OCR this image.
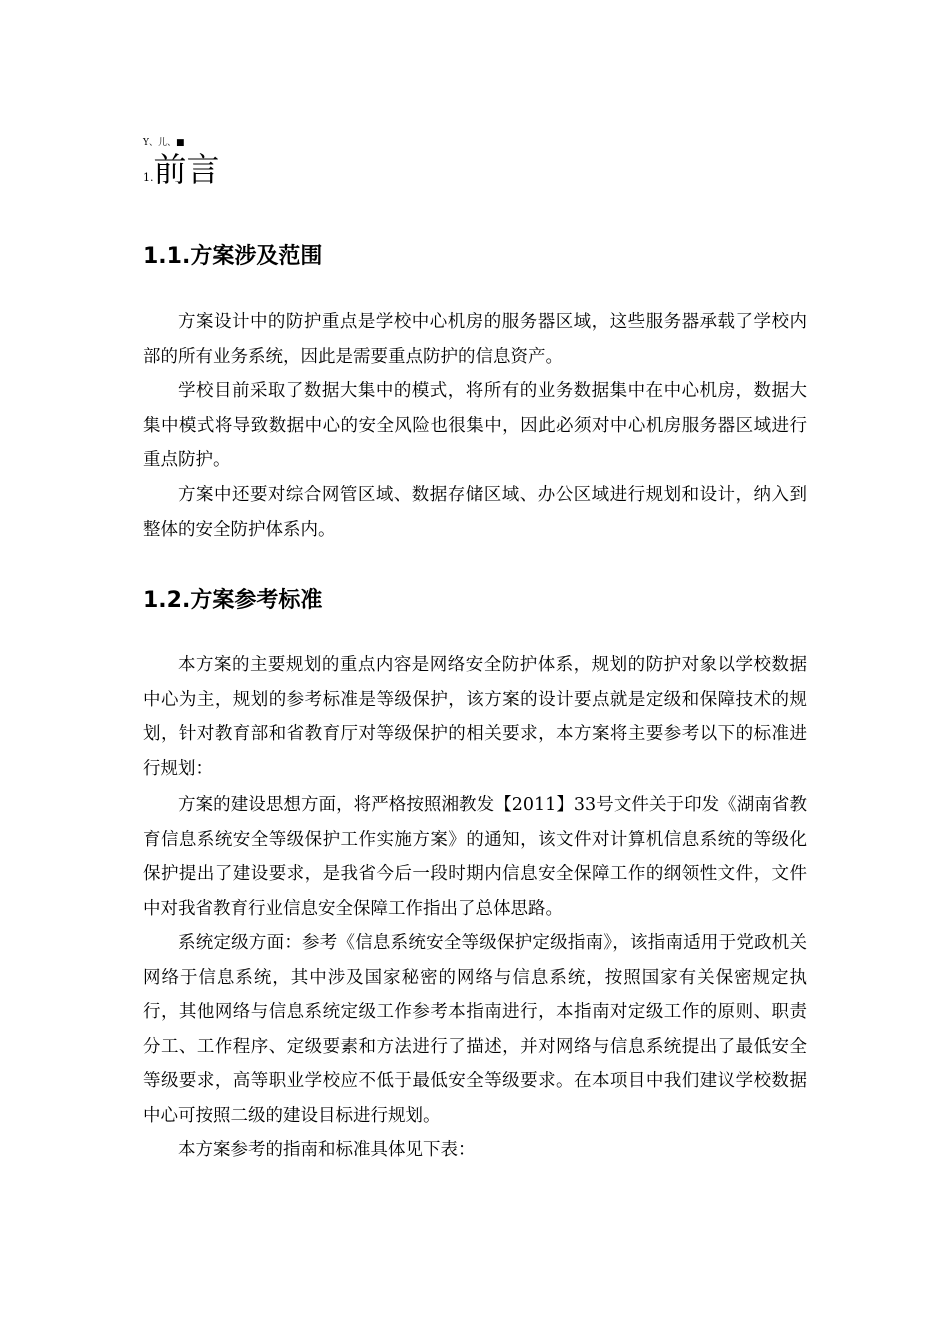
Y、儿、■
1.前言
1.1.方案涉及范围

方案设计中的防护重点是学校中心机房的服务器区域，这些服务器承载了学校内部的所有业务系统，因此是需要重点防护的信息资产。

学校目前采取了数据大集中的模式，将所有的业务数据集中在中心机房，数据大集中模式将导致数据中心的安全风险也很集中，因此必须对中心机房服务器区域进行重点防护。

方案中还要对综合网管区域、数据存储区域、办公区域进行规划和设计，纳入到整体的安全防护体系内。

1.2.方案参考标准

本方案的主要规划的重点内容是网络安全防护体系，规划的防护对象以学校数据中心为主，规划的参考标准是等级保护，该方案的设计要点就是定级和保障技术的规划，针对教育部和省教育厅对等级保护的相关要求，本方案将主要参考以下的标准进行规划：

方案的建设思想方面，将严格按照湘教发【2011】33号文件关于印发《湖南省教育信息系统安全等级保护工作实施方案》的通知，该文件对计算机信息系统的等级化保护提出了建设要求，是我省今后一段时期内信息安全保障工作的纲领性文件，文件中对我省教育行业信息安全保障工作指出了总体思路。

系统定级方面：参考《信息系统安全等级保护定级指南》，该指南适用于党政机关网络于信息系统，其中涉及国家秘密的网络与信息系统，按照国家有关保密规定执行，其他网络与信息系统定级工作参考本指南进行，本指南对定级工作的原则、职责分工、工作程序、定级要素和方法进行了描述，并对网络与信息系统提出了最低安全等级要求，高等职业学校应不低于最低安全等级要求。在本项目中我们建议学校数据中心可按照二级的建设目标进行规划。

本方案参考的指南和标准具体见下表：
